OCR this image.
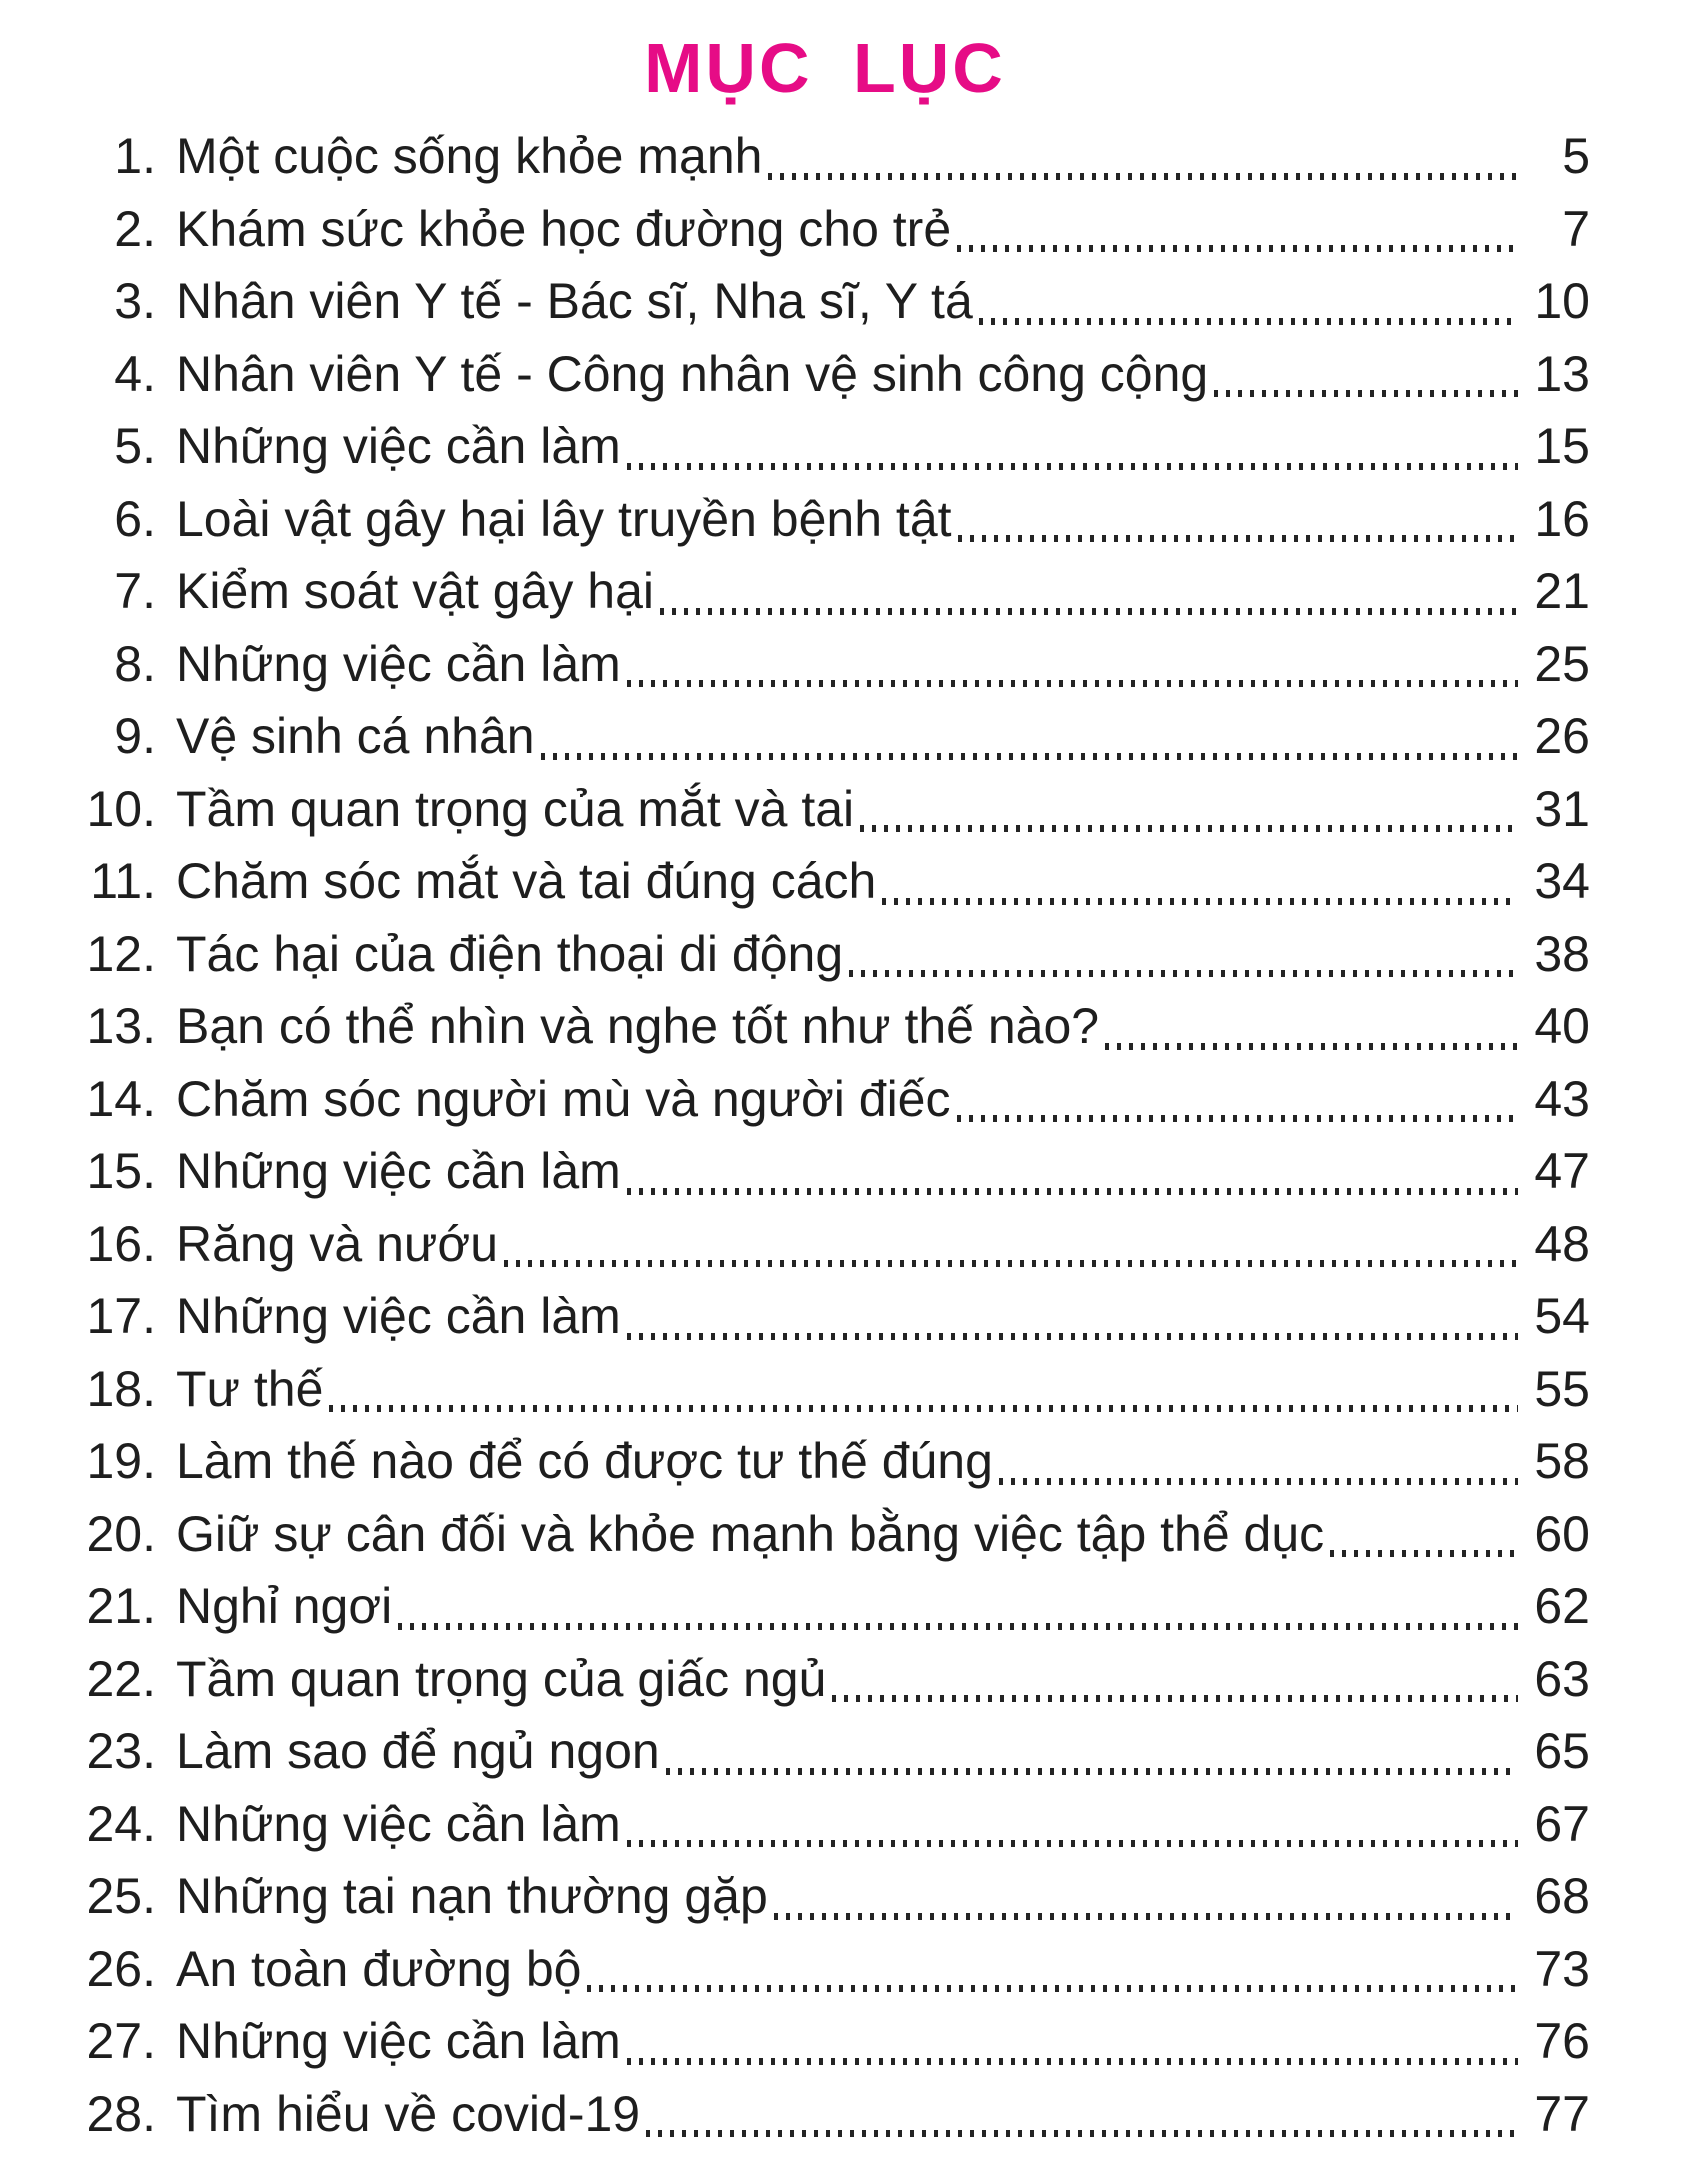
MỤC LỤC
1. Một cuộc sống khỏe mạnh	5
2. Khám sức khỏe học đường cho trẻ	7
3. Nhân viên Y tế - Bác sĩ, Nha sĩ, Y tá	10
4. Nhân viên Y tế - Công nhân vệ sinh công cộng	13
5. Những việc cần làm	15
6. Loài vật gây hại lây truyền bệnh tật	16
7. Kiểm soát vật gây hại	21
8. Những việc cần làm	25
9. Vệ sinh cá nhân	26
10. Tầm quan trọng của mắt và tai	31
11. Chăm sóc mắt và tai đúng cách	34
12. Tác hại của điện thoại di động	38
13. Bạn có thể nhìn và nghe tốt như thế nào?	40
14. Chăm sóc người mù và người điếc	43
15. Những việc cần làm	47
16. Răng và nướu	48
17. Những việc cần làm	54
18. Tư thế	55
19. Làm thế nào để có được tư thế đúng	58
20. Giữ sự cân đối và khỏe mạnh bằng việc tập thể dục	60
21. Nghỉ ngơi	62
22. Tầm quan trọng của giấc ngủ	63
23. Làm sao để ngủ ngon	65
24. Những việc cần làm	67
25. Những tai nạn thường gặp	68
26. An toàn đường bộ	73
27. Những việc cần làm	76
28. Tìm hiểu về covid-19	77
